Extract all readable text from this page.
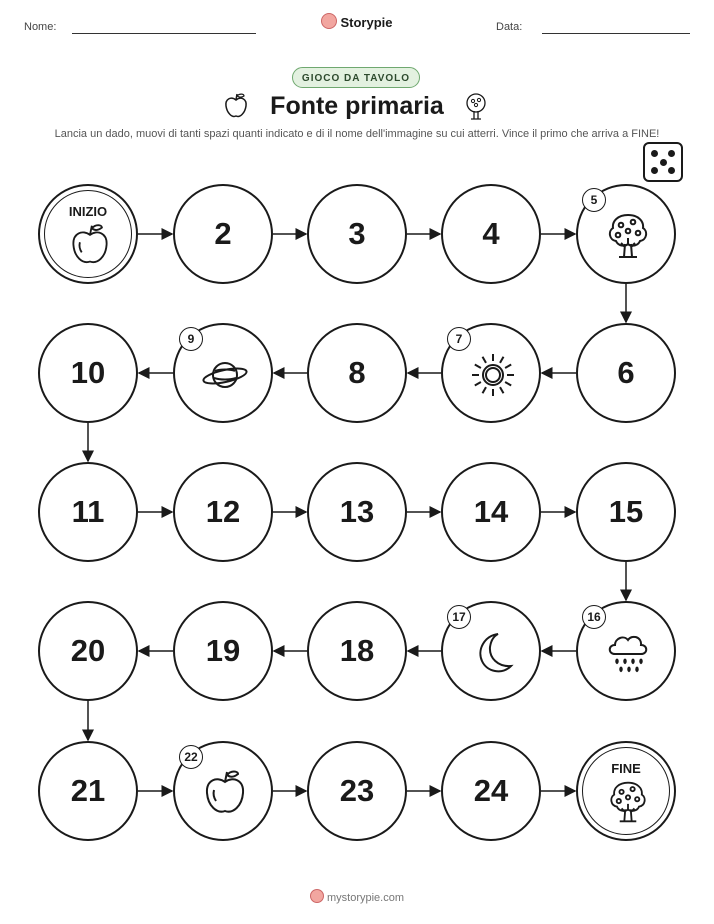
Nome:	Storypie	Data:
GIOCO DA TAVOLO
Fonte primaria
Lancia un dado, muovi di tanti spazi quanti indicato e di il nome dell'immagine su cui atterri. Vince il primo che arriva a FINE!
FINE
24
23
21
20	19	18
15
14
13
12
11
10	8	6
4
3
2
INIZIO
5
7
9
16
17
22
mystorypie.com
